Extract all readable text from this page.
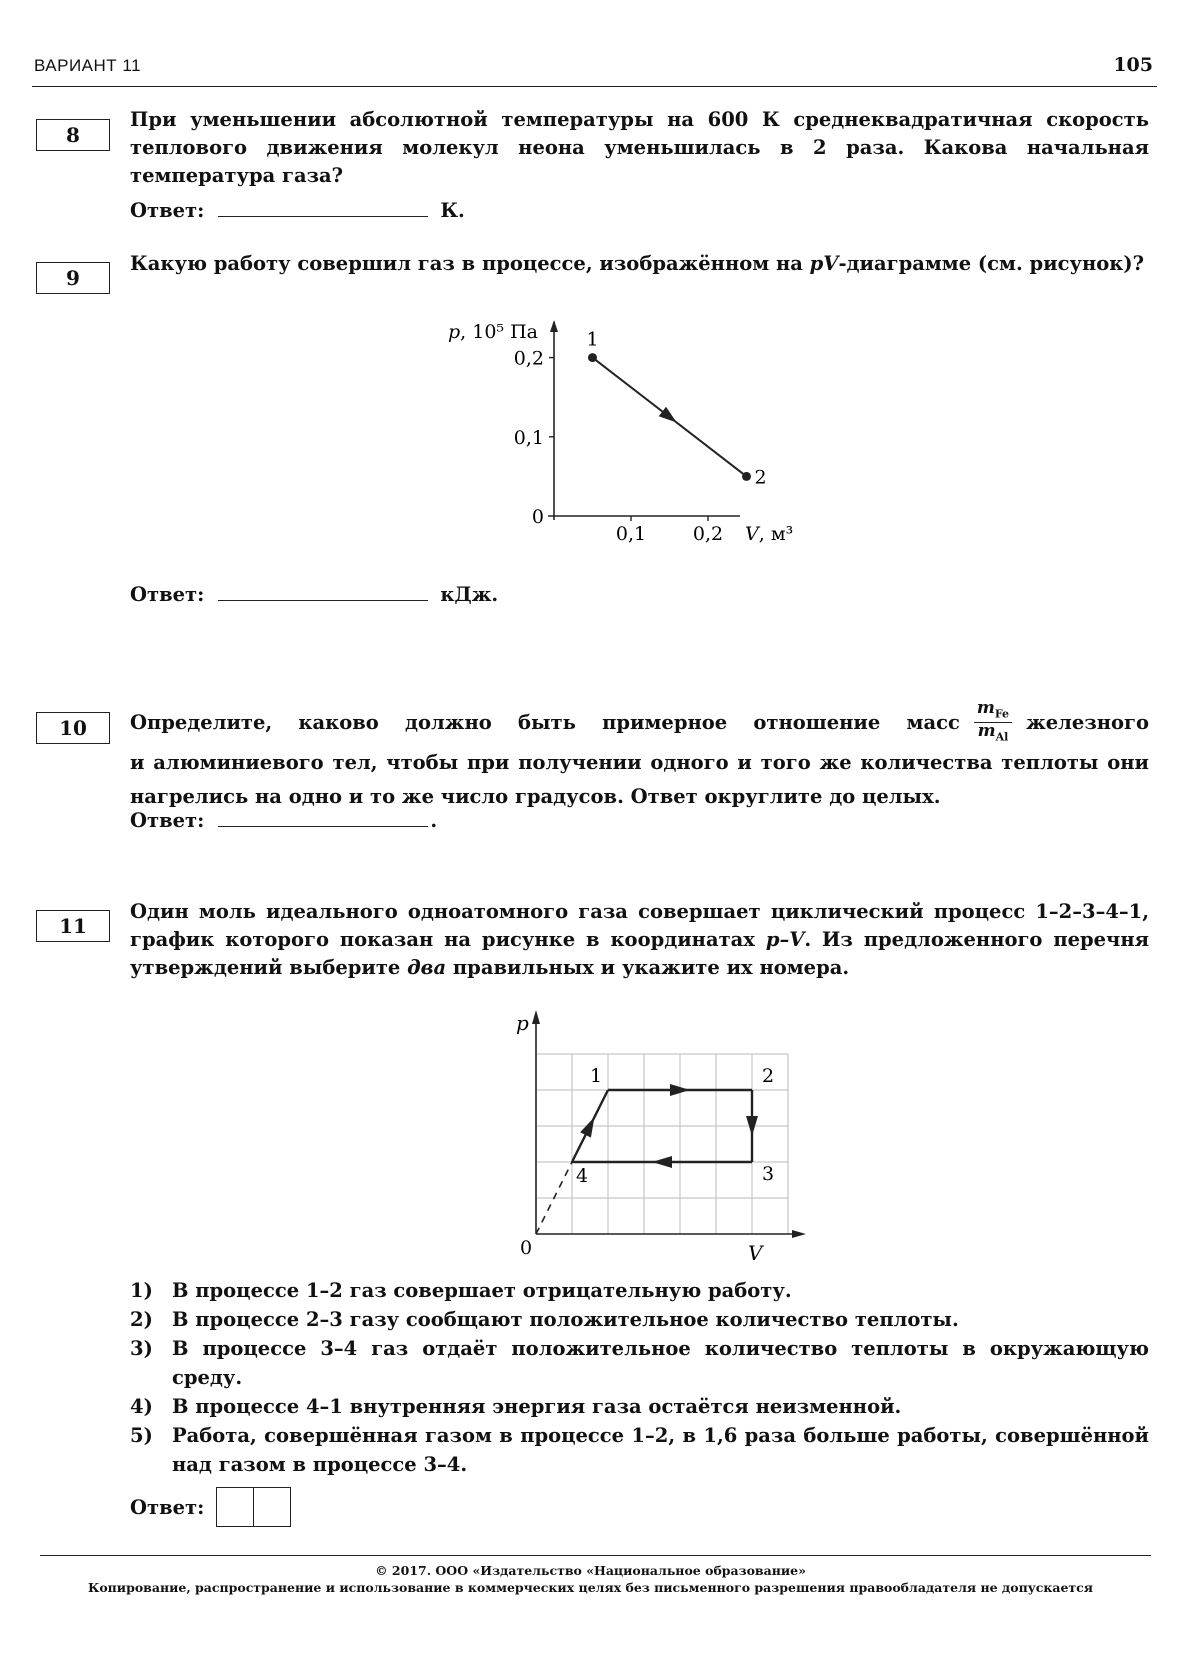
ВАРИАНТ 11	105
8
При уменьшении абсолютной температуры на 600 К среднеквадратичная скорость теплового движения молекул неона уменьшилась в 2 раза. Какова начальная температура газа?
Ответ:	К.
9
Какую работу совершил газ в процессе, изображённом на pV-диаграмме (см. рисунок)?
0
0,1
0,2
0,1 0,2
p, 10⁵ Па
V, м³
1
2
Ответ:	кДж.
10 Определите, каково должно быть примерное отношение масс $\frac{m_{Fe}}{m_{Al}}$ железного
и алюминиевого тел, чтобы при получении одного и того же количества теплоты они нагрелись на одно и то же число градусов. Ответ округлите до целых.
Ответ:	.
11
Один моль идеального одноатомного газа совершает циклический процесс 1–2–3–4–1, график которого показан на рисунке в координатах p–V. Из предложенного перечня утверждений выберите два правильных и укажите их номера.
p
V
0
1	2
3
4
1) В процессе 1–2 газ совершает отрицательную работу.
2) В процессе 2–3 газу сообщают положительное количество теплоты.
3) В процессе 3–4 газ отдаёт положительное количество теплоты в окружающую среду.
4) В процессе 4–1 внутренняя энергия газа остаётся неизменной.
5) Работа, совершённая газом в процессе 1–2, в 1,6 раза больше работы, совершённой над газом в процессе 3–4.
Ответ:
© 2017. ООО «Издательство «Национальное образование»
Копирование, распространение и использование в коммерческих целях без письменного разрешения правообладателя не допускается
